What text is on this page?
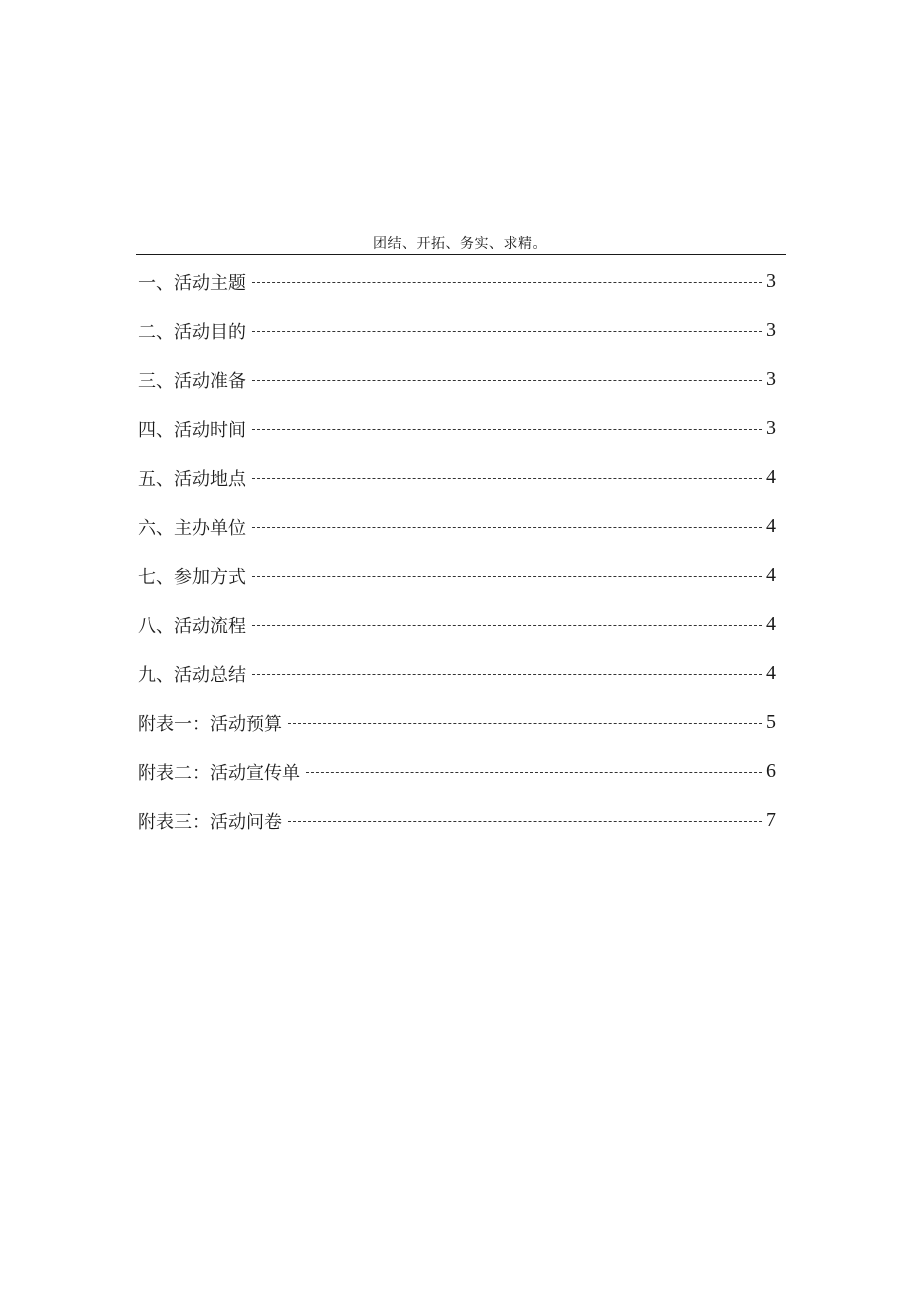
团结、开拓、务实、求精。
一、活动主题	3
二、活动目的	3
三、活动准备	3
四、活动时间	3
五、活动地点	4
六、主办单位	4
七、参加方式	4
八、活动流程	4
九、活动总结	4
附表一：活动预算	5
附表二：活动宣传单	6
附表三：活动问卷	7
